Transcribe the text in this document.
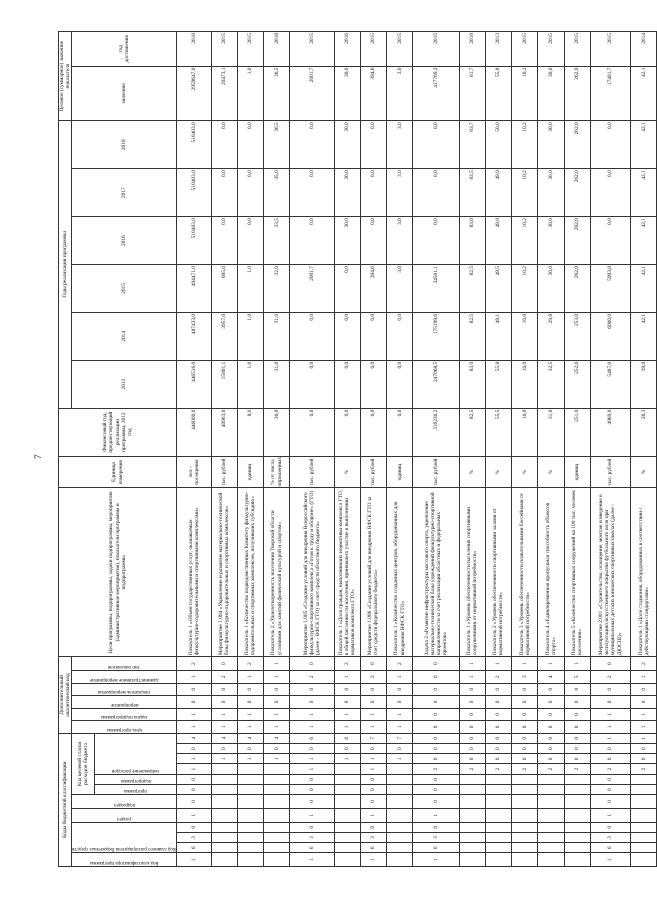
7
Коды бюджетной классификации												Дополнительный аналитический код						Цели программы, подпрограммы, задачи подпрограммы, мероприятия (административные мероприятия), показатели программы и подпрограммы	Единица измерения	Финансовый год, предшествующий реализации программы, 2012 год	Годы реализации программы						Целевое (суммарное) значение показателя	

Код классификатора программы	Код главного распорядителя бюджетных средств			раздел	подраздел	Код целевой статьи расходов бюджета						цель программы	задача подпрограммы	мероприятие	показатель мероприятия	административное мероприятие	тип показателя				2013	2014	2015	2016	2017	2018	значение	год достижения

						программа	подпрограмма	направление расходов																				

1	6	3	0	1	0	0	0	1	1	0	4	1	1	0	0	1	2	Показатель 1 «Объем государственных услуг, оказываемых физкультурно-оздоровительными и спортивными комплексами»	чел.-посещения	446000,0	446516,0	487433,0	494471,0	510403,0	510403,0	510403,0	2959647,0	2018
									1	0	4	1	1	0	0	2	0	Мероприятие 1.004 «Укрепление и развитие материально-технической базы физкультурно-оздоровительных и спортивных комплексов»	тыс. рублей	40963,0	15801,1	3957,0	685,0	0,0	0,0	0,0	20473,1	2015
									1	0	4	1	1	0	0	1	2	Показатель 1 «Количество подведомственных Комитету физкультурно-оздоровительных и спортивных комплексов, получивших субсидию»	единиц	8,0	1,0	1,0	1,0	0,0	0,0	0,0	1,0	2015
									1	0	4	1	1	0	0	1	1	Показатель 2 «Удовлетворенность населения Тверской области условиями для занятий физической культурой и спортом»	% от числа опрошенных	30,0	31,0	31,0	32,0	33,5	35,0	36,5	36,5	2018
1	6	3	0	1	0	0	0	1	1	0	6	1	1	0	0	2	0	Мероприятие 1.005 «Создание условий для внедрения Всероссийского физкультурно-спортивного комплекса «Готов к труду и обороне» (ГТО) (далее - ВФСК ГТО) за счет средств областного бюджета»	тыс. рублей	0,0	0,0	0,0	2001,7	0,0	0,0	0,0	2001,7	2015
									1	0	6	1	1	0	0	1	2	Показатель 1 «Доля граждан, выполнивших нормативы комплекса ГТО, в общей численности населения, принявшего участие в выполнении нормативов комплекса ГТО»	%	0,0	0,0	0,0	0,0	30,0	30,0	30,0	30,0	2016
1	6	3	0	1	0	0	0	1	1	0	7	1	1	0	0	2	0	Мероприятие 1.006 «Создание условий для внедрения ВФСК ГТО за счет средств федерального бюджета»	тыс. рублей	0,0	0,0	0,0	394,6	0,0	0,0	0,0	394,6	2015
									1	0	7	1	1	0	0	1	2	Показатель 1 «Количество созданных центров, оборудованных для внедрения ВФСК ГТО»	единиц	0,0	0,0	0,0	3,0	3,0	3,0	3,0	3,0	2015
1	6	3	0	1	0	0	0	2	0	0	0	0	0	0	0	0	0	Задача 2 «Развитие инфраструктуры массового спорта, укрепление материально-технической базы учреждений физкультурно-спортивной направленности за счет реализации областных и федеральных проектов»	тыс. рублей	316230,2	247068,5	175199,6	34501,1	0,0	0,0	0,0	417769,2	2015
								2	0	0	0	0	0	0	0	1	1	Показатель 1 «Уровень обеспеченности населения спортивными сооружениями от нормативной потребности»	%	82,5	83,0	82,5	82,5	83,0	83,5	83,7	81,7	2018
								2	0	0	0	0	0	0	0	2	1	Показатель 2 «Уровень обеспеченности спортивными залами от нормативной потребности»	%	55,5	55,8	48,1	49,5	49,8	49,9	50,0	55,8	2013
								2	0	0	0	0	0	0	0	3	1	Показатель 3 «Уровень обеспеченности плавательными бассейнами от нормативной потребности»	%	10,0	10,0	10,0	10,2	10,2	10,2	10,2	10,2	2015
								2	0	0	0	0	0	0	0	4	1	Показатель 4 «Единовременная пропускная способность объектов спорта»	%	31,0	32,5	29,8	30,0	30,0	30,0	30,0	30,0	2015
								2	0	0	0	0	0	0	0	5	1	Показатель 5 «Количество спортивных сооружений на 100 тыс. человек населения»	единиц	251,0	252,0	253,0	262,0	262,0	262,0	262,0	262,0	2015
1	6	3	0	1	0	0	0	2	0	0	1	1	1	0	0	2	0	Мероприятие 2.001 «Строительство, оснащение, монтаж и введение в эксплуатацию искусственного покрытия футбольного поля при муниципальных детских юношеских спортивных школах (далее - ДЮСШ)»	тыс. рублей	4969,0	5487,0	6000,0	5993,8	0,0	0,0	0,0	17481,7	2015
								2	0	0	1	1	1	0	0	1	2	Показатель 1 «Доля стадионов, оборудованных в соответствии с действующими стандартами»	%	26,3	39,0	42,1	42,1	42,1	42,1	42,1	42,1	2014
